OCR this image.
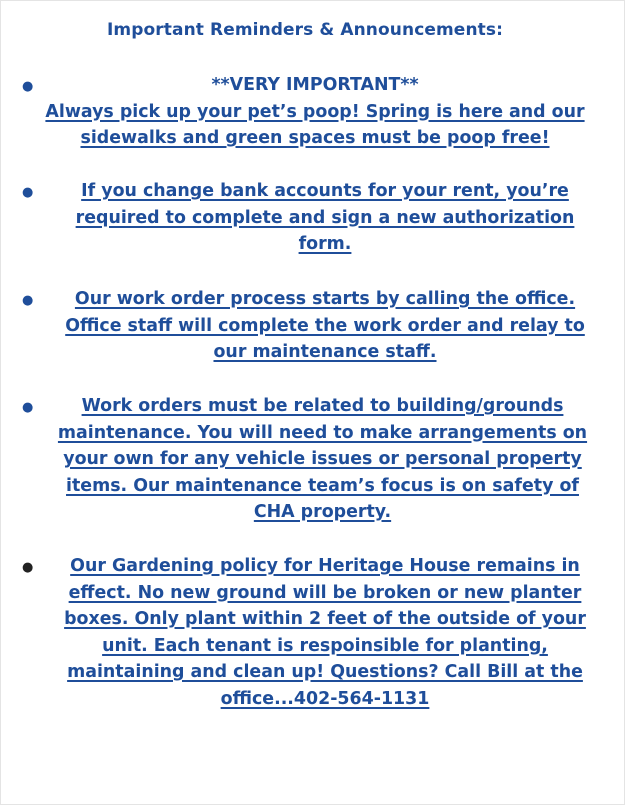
Important Reminders & Announcements:
●	**VERY IMPORTANT**
Always pick up your pet’s poop! Spring is here and our
sidewalks and green spaces must be poop free!
●	If you change bank accounts for your rent, you’re
required to complete and sign a new authorization
form.
●	Our work order process starts by calling the office.
Office staff will complete the work order and relay to
our maintenance staff.
●	Work orders must be related to building/grounds
maintenance. You will need to make arrangements on
your own for any vehicle issues or personal property
items. Our maintenance team’s focus is on safety of
CHA property.
●	Our Gardening policy for Heritage House remains in
effect. No new ground will be broken or new planter
boxes. Only plant within 2 feet of the outside of your
unit. Each tenant is respoinsible for planting,
maintaining and clean up! Questions? Call Bill at the
office...402-564-1131
